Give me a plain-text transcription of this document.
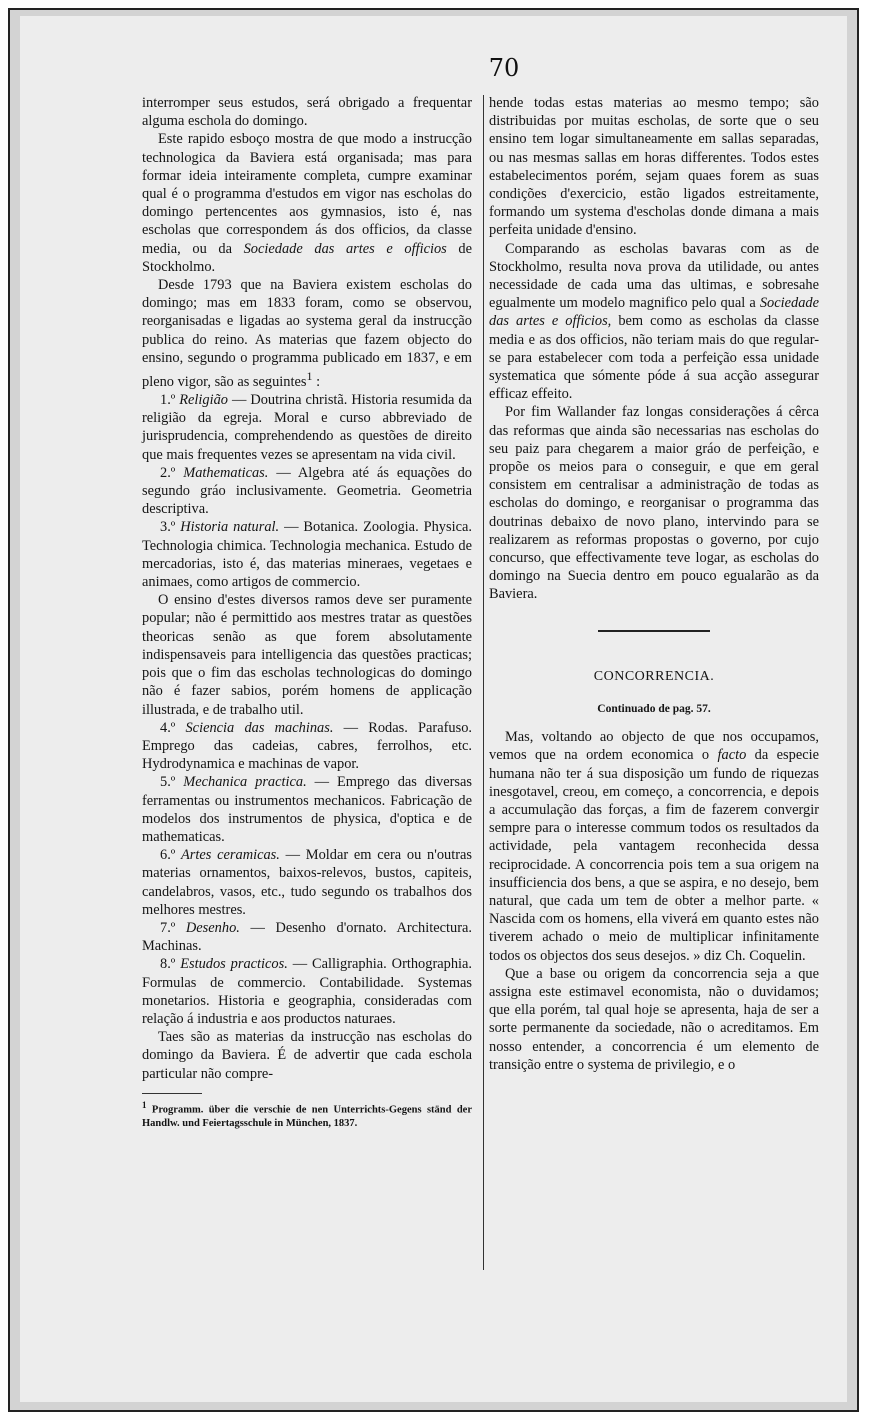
70

interromper seus estudos, será obrigado a frequentar alguma eschola do domingo.

Este rapido esboço mostra de que modo a instrucção technologica da Baviera está organisada; mas para formar ideia inteiramente completa, cumpre examinar qual é o programma d'estudos em vigor nas escholas do domingo pertencentes aos gymnasios, isto é, nas escholas que correspondem ás dos officios, da classe media, ou da Sociedade das artes e officios de Stockholmo.

Desde 1793 que na Baviera existem escholas do domingo; mas em 1833 foram, como se observou, reorganisadas e ligadas ao systema geral da instrucção publica do reino. As materias que fazem objecto do ensino, segundo o programma publicado em 1837, e em pleno vigor, são as seguintes$^1$ :

1.º Religião — Doutrina christã. Historia resumida da religião da egreja. Moral e curso abbreviado de jurisprudencia, comprehendendo as questões de direito que mais frequentes vezes se apresentam na vida civil.

2.º Mathematicas. — Algebra até ás equações do segundo gráo inclusivamente. Geometria. Geometria descriptiva.

3.º Historia natural. — Botanica. Zoologia. Physica. Technologia chimica. Technologia mechanica. Estudo de mercadorias, isto é, das materias mineraes, vegetaes e animaes, como artigos de commercio.

O ensino d'estes diversos ramos deve ser puramente popular; não é permittido aos mestres tratar as questões theoricas senão as que forem absolutamente indispensaveis para intelligencia das questões practicas; pois que o fim das escholas technologicas do domingo não é fazer sabios, porém homens de applicação illustrada, e de trabalho util.

4.º Sciencia das machinas. — Rodas. Parafuso. Emprego das cadeias, cabres, ferrolhos, etc. Hydrodynamica e machinas de vapor.

5.º Mechanica practica. — Emprego das diversas ferramentas ou instrumentos mechanicos. Fabricação de modelos dos instrumentos de physica, d'optica e de mathematicas.

6.º Artes ceramicas. — Moldar em cera ou n'outras materias ornamentos, baixos-relevos, bustos, capiteis, candelabros, vasos, etc., tudo segundo os trabalhos dos melhores mestres.

7.º Desenho. — Desenho d'ornato. Architectura. Machinas.

8.º Estudos practicos. — Calligraphia. Orthographia. Formulas de commercio. Contabilidade. Systemas monetarios. Historia e geographia, consideradas com relação á industria e aos productos naturaes.

Taes são as materias da instrucção nas escholas do domingo da Baviera. É de advertir que cada eschola particular não compre-

$^1$ Programm. über die verschie de nen Unterrichts-Gegens ständ der Handlw. und Feiertagsschule in München, 1837.

hende todas estas materias ao mesmo tempo; são distribuidas por muitas escholas, de sorte que o seu ensino tem logar simultaneamente em sallas separadas, ou nas mesmas sallas em horas differentes. Todos estes estabelecimentos porém, sejam quaes forem as suas condições d'exercicio, estão ligados estreitamente, formando um systema d'escholas donde dimana a mais perfeita unidade d'ensino.

Comparando as escholas bavaras com as de Stockholmo, resulta nova prova da utilidade, ou antes necessidade de cada uma das ultimas, e sobresahe egualmente um modelo magnifico pelo qual a Sociedade das artes e officios, bem como as escholas da classe media e as dos officios, não teriam mais do que regular-se para estabelecer com toda a perfeição essa unidade systematica que sómente póde á sua acção assegurar efficaz effeito.

Por fim Wallander faz longas considerações á cêrca das reformas que ainda são necessarias nas escholas do seu paiz para chegarem a maior gráo de perfeição, e propõe os meios para o conseguir, e que em geral consistem em centralisar a administração de todas as escholas do domingo, e reorganisar o programma das doutrinas debaixo de novo plano, intervindo para se realizarem as reformas propostas o governo, por cujo concurso, que effectivamente teve logar, as escholas do domingo na Suecia dentro em pouco egualarão as da Baviera.

CONCORRENCIA.

Continuado de pag. 57.

Mas, voltando ao objecto de que nos occupamos, vemos que na ordem economica o facto da especie humana não ter á sua disposição um fundo de riquezas inesgotavel, creou, em começo, a concorrencia, e depois a accumulação das forças, a fim de fazerem convergir sempre para o interesse commum todos os resultados da actividade, pela vantagem reconhecida dessa reciprocidade. A concorrencia pois tem a sua origem na insufficiencia dos bens, a que se aspira, e no desejo, bem natural, que cada um tem de obter a melhor parte. « Nascida com os homens, ella viverá em quanto estes não tiverem achado o meio de multiplicar infinitamente todos os objectos dos seus desejos. » diz Ch. Coquelin.

Que a base ou origem da concorrencia seja a que assigna este estimavel economista, não o duvidamos; que ella porém, tal qual hoje se apresenta, haja de ser a sorte permanente da sociedade, não o acreditamos. Em nosso entender, a concorrencia é um elemento de transição entre o systema de privilegio, e o
